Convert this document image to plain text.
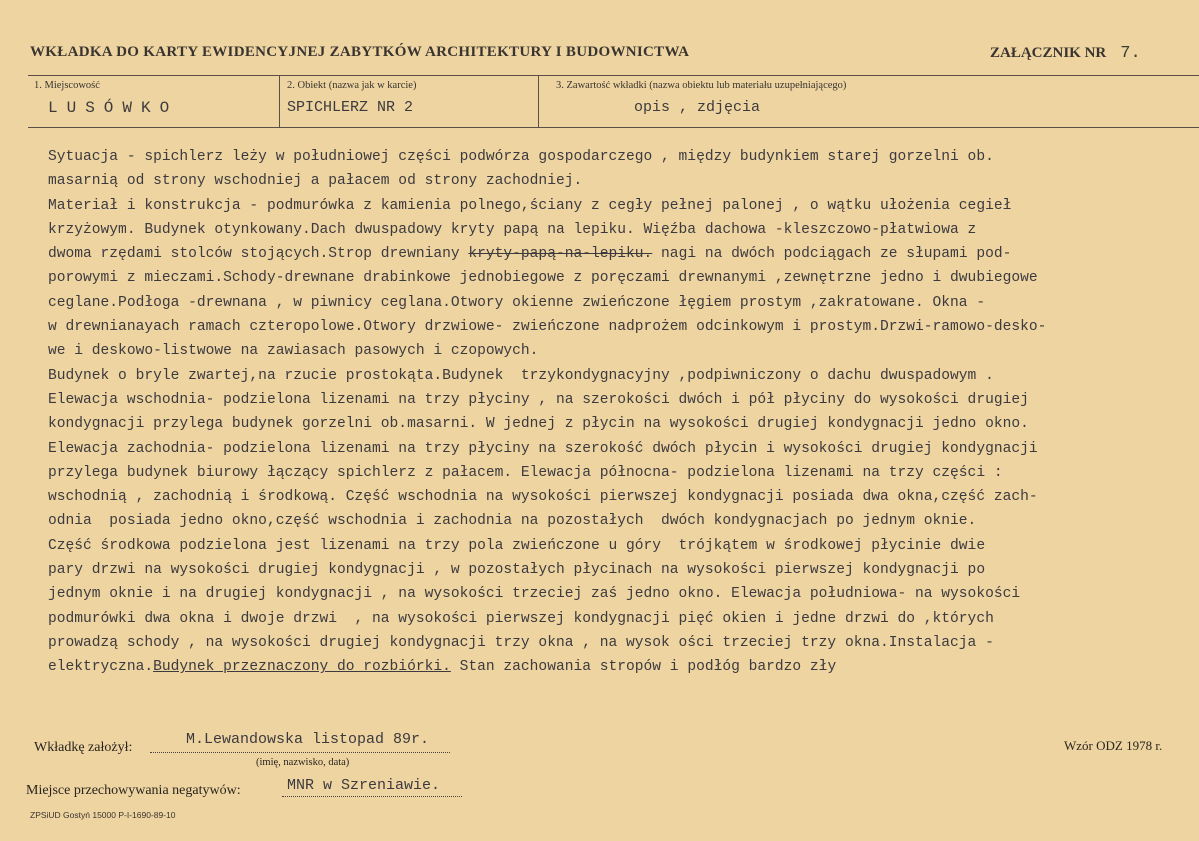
WKŁADKA DO KARTY EWIDENCYJNEJ ZABYTKÓW ARCHITEKTURY I BUDOWNICTWA	ZAŁĄCZNIK NR 7.
1. Miejscowość
LUSÓWKO
2. Obiekt (nazwa jak w karcie)
SPICHLERZ NR 2
3. Zawartość wkładki (nazwa obiektu lub materiału uzupełniającego)
opis , zdjęcia
Sytuacja - spichlerz leży w południowej części podwórza gospodarczego , między budynkiem starej gorzelni ob.
masarnią od strony wschodniej a pałacem od strony zachodniej.
Materiał i konstrukcja - podmurówka z kamienia polnego,ściany z cegły pełnej palonej , o wątku ułożenia cegieł
krzyżowym. Budynek otynkowany.Dach dwuspadowy kryty papą na lepiku. Więźba dachowa -kleszczowo-płatwiowa z
dwoma rzędami stolców stojących.Strop drewniany kryty-papą-na-lepiku. nagi na dwóch podciągach ze słupami pod-
porowymi z mieczami.Schody-drewnane drabinkowe jednobiegowe z poręczami drewnanymi ,zewnętrzne jedno i dwubiegowe
ceglane.Podłoga -drewnana , w piwnicy ceglana.Otwory okienne zwieńczone łęgiem prostym ,zakratowane. Okna -
w drewnianayach ramach czteropolowe.Otwory drzwiowe- zwieńczone nadprożem odcinkowym i prostym.Drzwi-ramowo-desko-
we i deskowo-listwowe na zawiasach pasowych i czopowych.
Budynek o bryle zwartej,na rzucie prostokąta.Budynek  trzykondygnacyjny ,podpiwniczony o dachu dwuspadowym .
Elewacja wschodnia- podzielona lizenami na trzy płyciny , na szerokości dwóch i pół płyciny do wysokości drugiej
kondygnacji przylega budynek gorzelni ob.masarni. W jednej z płycin na wysokości drugiej kondygnacji jedno okno.
Elewacja zachodnia- podzielona lizenami na trzy płyciny na szerokość dwóch płycin i wysokości drugiej kondygnacji
przylega budynek biurowy łączący spichlerz z pałacem. Elewacja północna- podzielona lizenami na trzy części :
wschodnią , zachodnią i środkową. Część wschodnia na wysokości pierwszej kondygnacji posiada dwa okna,część zach-
odnia  posiada jedno okno,część wschodnia i zachodnia na pozostałych  dwóch kondygnacjach po jednym oknie.
Część środkowa podzielona jest lizenami na trzy pola zwieńczone u góry  trójkątem w środkowej płycinie dwie
pary drzwi na wysokości drugiej kondygnacji , w pozostałych płycinach na wysokości pierwszej kondygnacji po
jednym oknie i na drugiej kondygnacji , na wysokości trzeciej zaś jedno okno. Elewacja południowa- na wysokości
podmurówki dwa okna i dwoje drzwi  , na wysokości pierwszej kondygnacji pięć okien i jedne drzwi do ,których
prowadzą schody , na wysokości drugiej kondygnacji trzy okna , na wysok ości trzeciej trzy okna.Instalacja -
elektryczna.Budynek przeznaczony do rozbiórki. Stan zachowania stropów i podłóg bardzo zły
Wkładkę założył:	M.Lewandowska listopad 89r.
(imię, nazwisko, data)
Wzór ODZ 1978 r.
Miejsce przechowywania negatywów:	MNR w Szreniawie.
ZPSiUD Gostyń 15000 P-I-1690-89-10
